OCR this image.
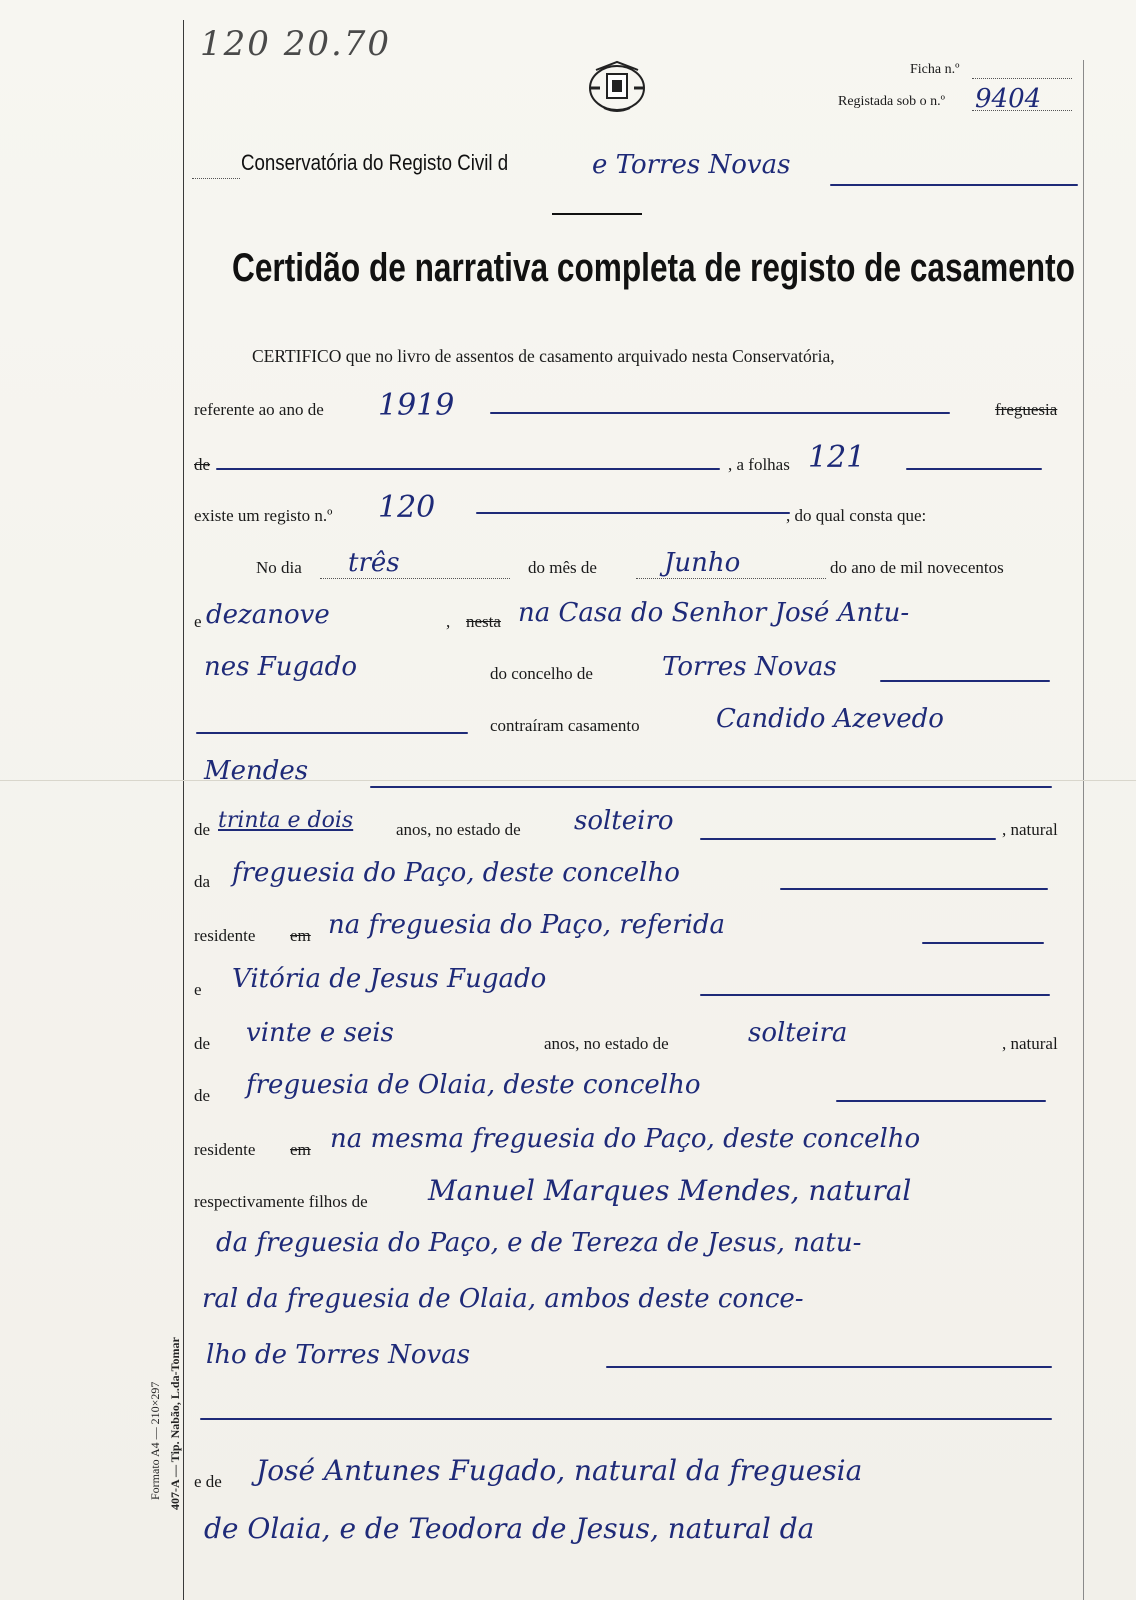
120 20.70
Ficha n.º
Registada sob o n.º 9404
Conservatória do Registo Civil d	e Torres Novas
Certidão de narrativa completa de registo de casamento
CERTIFICO que no livro de assentos de casamento arquivado nesta Conservatória,
referente ao ano de 1919	freguesia
de	, a folhas 121
existe um registo n.º 120	, do qual consta que:
No dia três	do mês de	Junho	do ano de mil novecentos
e dezanove	, nesta na Casa do Senhor José Antu-
nes Fugado	do concelho de	Torres Novas
contraíram casamento	Candido Azevedo
Mendes
de trinta e dois	anos, no estado de solteiro	, natural
da freguesia do Paço, deste concelho
residente em na freguesia do Paço, referida
e Vitória de Jesus Fugado
de vinte e seis	anos, no estado de	solteira	, natural
de freguesia de Olaia, deste concelho
residente em na mesma freguesia do Paço, deste concelho
respectivamente filhos de Manuel Marques Mendes, natural
da freguesia do Paço, e de Tereza de Jesus, natu-
ral da freguesia de Olaia, ambos deste conce-
lho de Torres Novas
e de José Antunes Fugado, natural da freguesia
de Olaia, e de Teodora de Jesus, natural da
Formato A4 — 210×297 407-A — Tip. Nabão, L.da-Tomar
